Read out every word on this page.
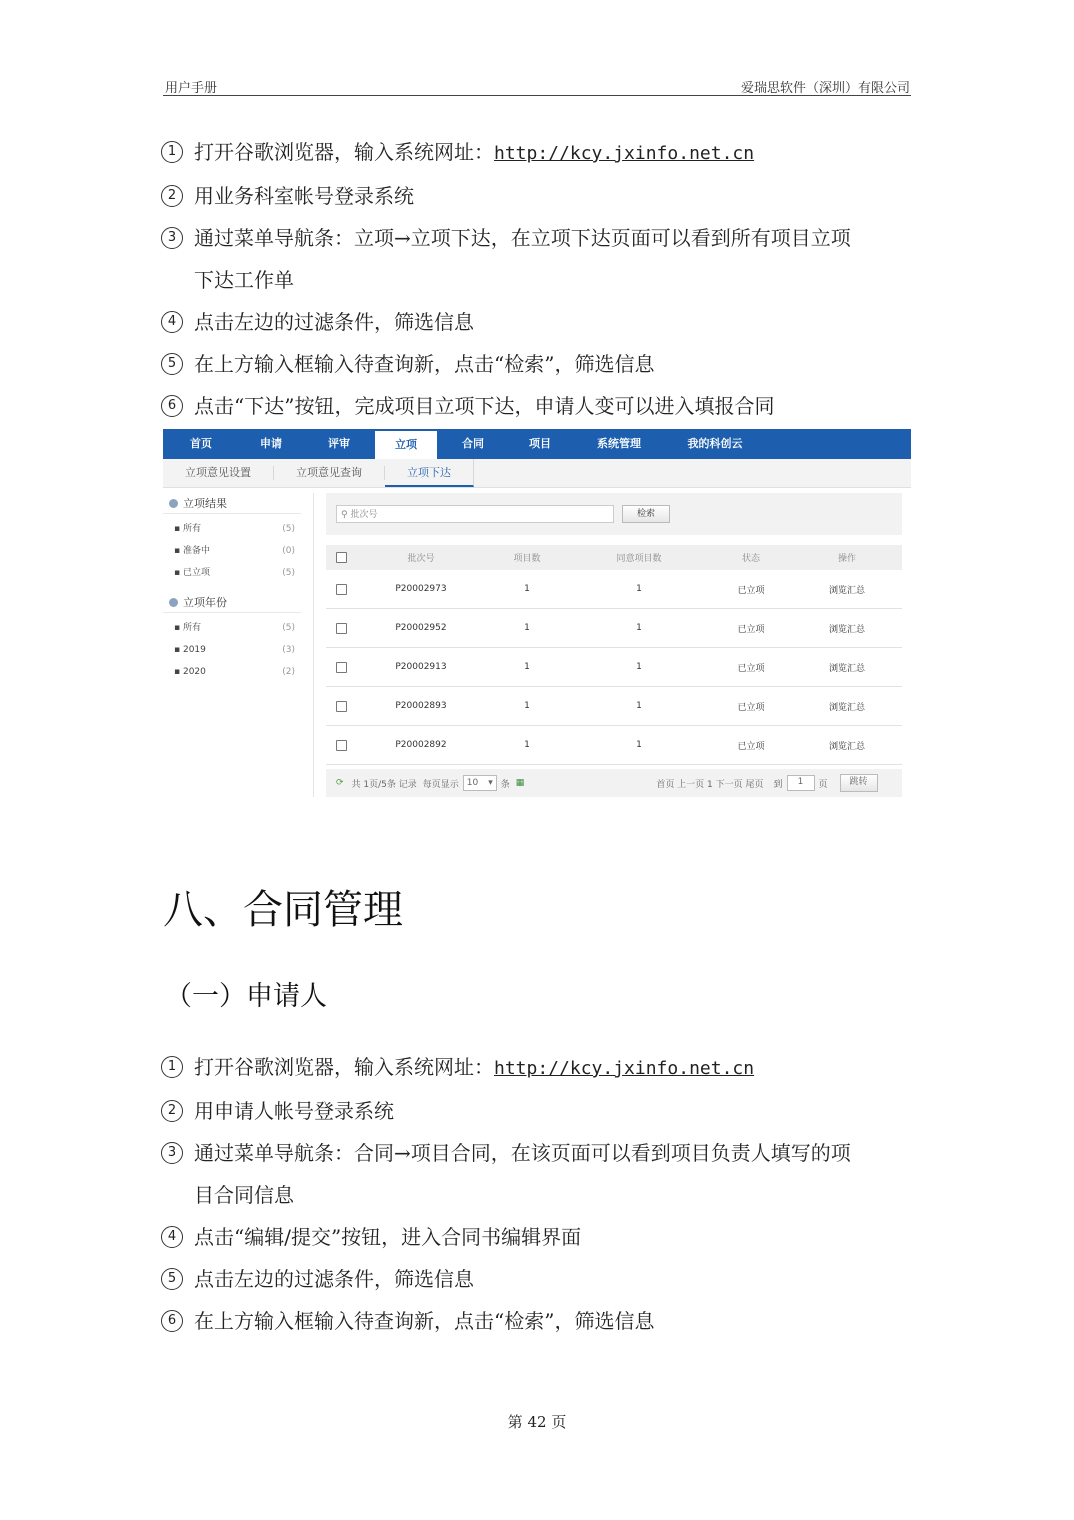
用户手册	爱瑞思软件（深圳）有限公司
1 打开谷歌浏览器，输入系统网址：http://kcy.jxinfo.net.cn
2 用业务科室帐号登录系统
3 通过菜单导航条：立项→立项下达，在立项下达页面可以看到所有项目立项
下达工作单
4 点击左边的过滤条件，筛选信息
5 在上方输入框输入待查询新，点击“检索”，筛选信息
6 点击“下达”按钮，完成项目立项下达，申请人变可以进入填报合同
首页	申请	评审	立项	合同	项目	系统管理	我的科创云
立项意见设置	立项意见查询	立项下达
立项结果
▪ 所有	(5)
▪ 准备中	(0)
▪ 已立项	(5)
立项年份
▪ 所有	(5)
▪ 2019	(3)
▪ 2020	(2)
⚲ 批次号	检索
	批次号	项目数	同意项目数	状态	操作
	P20002973	1	1	已立项	浏览汇总
	P20002952	1	1	已立项	浏览汇总
	P20002913	1	1	已立项	浏览汇总
	P20002893	1	1	已立项	浏览汇总
	P20002892	1	1	已立项	浏览汇总
⟳ 共 1页/5条 记录 每页显示 10 ▾ 条 ▦	首页 上一页 1 下一页 尾页 到	1	页	跳转
八、合同管理
（一）申请人
1 打开谷歌浏览器，输入系统网址：http://kcy.jxinfo.net.cn
2 用申请人帐号登录系统
3 通过菜单导航条：合同→项目合同，在该页面可以看到项目负责人填写的项
目合同信息
4 点击“编辑/提交”按钮，进入合同书编辑界面
5 点击左边的过滤条件，筛选信息
6 在上方输入框输入待查询新，点击“检索”，筛选信息
第 42 页
